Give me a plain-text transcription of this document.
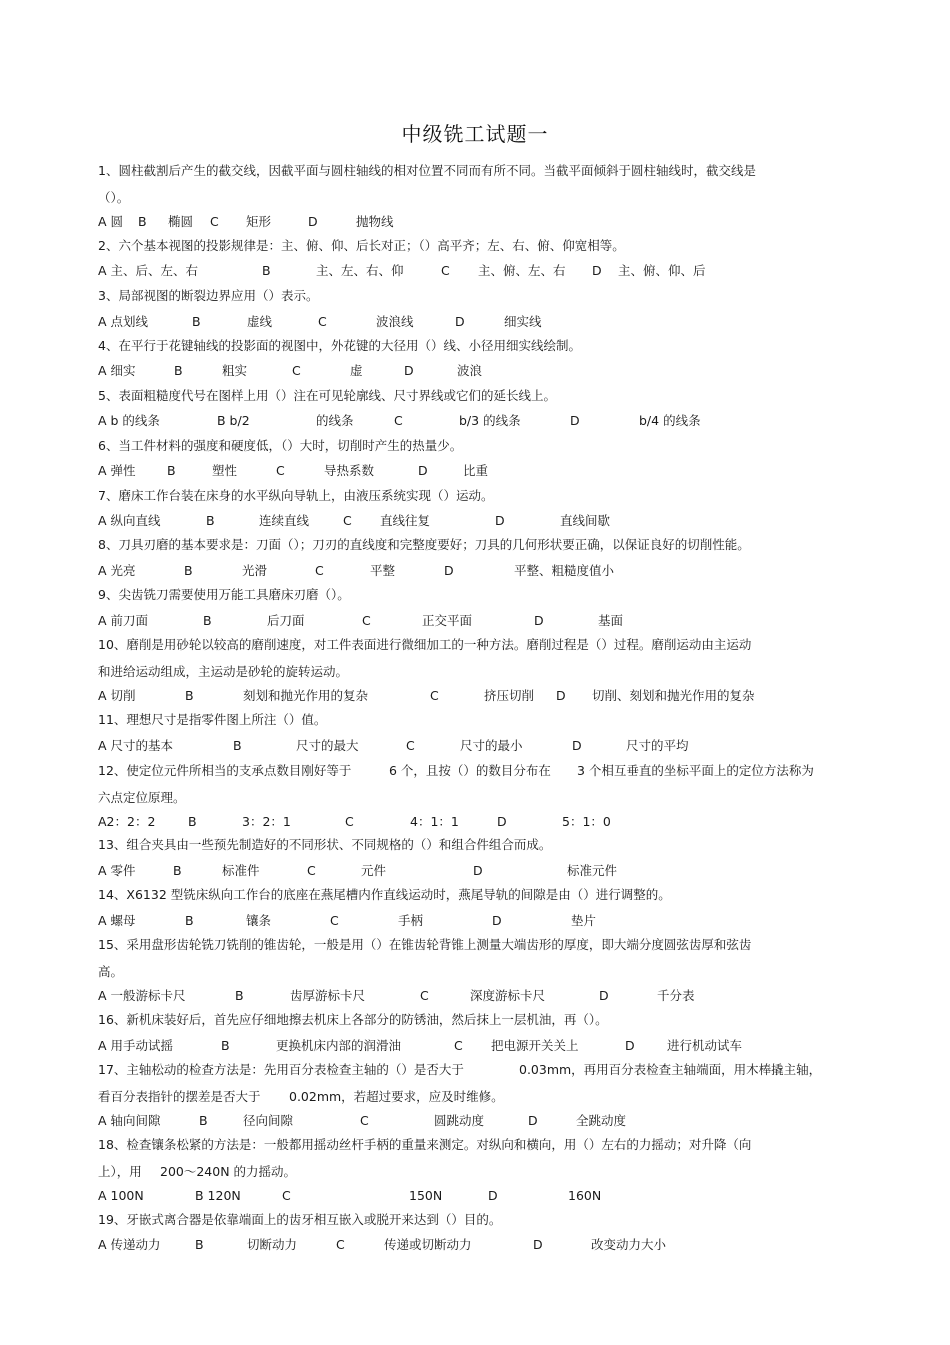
中级铣工试题一
1、圆柱截割后产生的截交线，因截平面与圆柱轴线的相对位置不同而有所不同。当截平面倾斜于圆柱轴线时，截交线是
（）。
A 圆 B 椭圆 C 矩形	D	抛物线
2、六个基本视图的投影规律是：主、俯、仰、后长对正；（）高平齐；左、右、俯、仰宽相等。
A 主、后、左、右	B	主、左、右、仰	C 主、俯、左、右 D 主、俯、仰、后
3、局部视图的断裂边界应用（）表示。
A 点划线	B	虚线	C	波浪线	D	细实线
4、在平行于花键轴线的投影面的视图中，外花键的大径用（）线、小径用细实线绘制。
A 细实	B	粗实	C	虚	D	波浪
5、表面粗糙度代号在图样上用（）注在可见轮廓线、尺寸界线或它们的延长线上。
A b 的线条	B b/2	的线条	C	b/3 的线条	D	b/4 的线条
6、当工件材料的强度和硬度低，（）大时，切削时产生的热量少。
A 弹性	B	塑性	C	导热系数	D	比重
7、磨床工作台装在床身的水平纵向导轨上，由液压系统实现（）运动。
A 纵向直线	B	连续直线	C 直线往复	D	直线间歇
8、刀具刃磨的基本要求是：刀面（）；刀刃的直线度和完整度要好；刀具的几何形状要正确，以保证良好的切削性能。
A 光亮	B	光滑	C	平整	D	平整、粗糙度值小
9、尖齿铣刀需要使用万能工具磨床刃磨（）。
A 前刀面	B	后刀面	C	正交平面	D	基面
10、磨削是用砂轮以较高的磨削速度，对工件表面进行微细加工的一种方法。磨削过程是（）过程。磨削运动由主运动
和进给运动组成，主运动是砂轮的旋转运动。
A 切削	B	刻划和抛光作用的复杂	C	挤压切削 D 切削、刻划和抛光作用的复杂
11、理想尺寸是指零件图上所注（）值。
A 尺寸的基本	B	尺寸的最大	C	尺寸的最小	D	尺寸的平均
12、使定位元件所相当的支承点数目刚好等于	6 个，且按（）的数目分布在 3 个相互垂直的坐标平面上的定位方法称为
六点定位原理。
A2：2：2	B	3：2：1	C	4：1：1	D	5：1：0
13、组合夹具由一些预先制造好的不同形状、不同规格的（）和组合件组合而成。
A 零件	B	标准件	C	元件	D	标准元件
14、X6132 型铣床纵向工作台的底座在燕尾槽内作直线运动时，燕尾导轨的间隙是由（）进行调整的。
A 螺母	B	镶条	C	手柄	D	垫片
15、采用盘形齿轮铣刀铣削的锥齿轮，一般是用（）在锥齿轮背锥上测量大端齿形的厚度，即大端分度圆弦齿厚和弦齿
高。
A 一般游标卡尺	B	齿厚游标卡尺	C	深度游标卡尺	D	千分表
16、新机床装好后，首先应仔细地擦去机床上各部分的防锈油，然后抹上一层机油，再（）。
A 用手动试摇	B	更换机床内部的润滑油	C 把电源开关关上	D	进行机动试车
17、主轴松动的检查方法是：先用百分表检查主轴的（）是否大于	0.03mm，再用百分表检查主轴端面，用木棒撬主轴，
看百分表指针的摆差是否大于 0.02mm，若超过要求，应及时维修。
A 轴向间隙	B	径向间隙	C	圆跳动度	D	全跳动度
18、检查镶条松紧的方法是：一般都用摇动丝杆手柄的重量来测定。对纵向和横向，用（）左右的力摇动；对升降（向
上），用 200～240N 的力摇动。
A 100N	B 120N	C	150N	D	160N
19、牙嵌式离合器是依靠端面上的齿牙相互嵌入或脱开来达到（）目的。
A 传递动力	B	切断动力	C	传递或切断动力	D	改变动力大小
